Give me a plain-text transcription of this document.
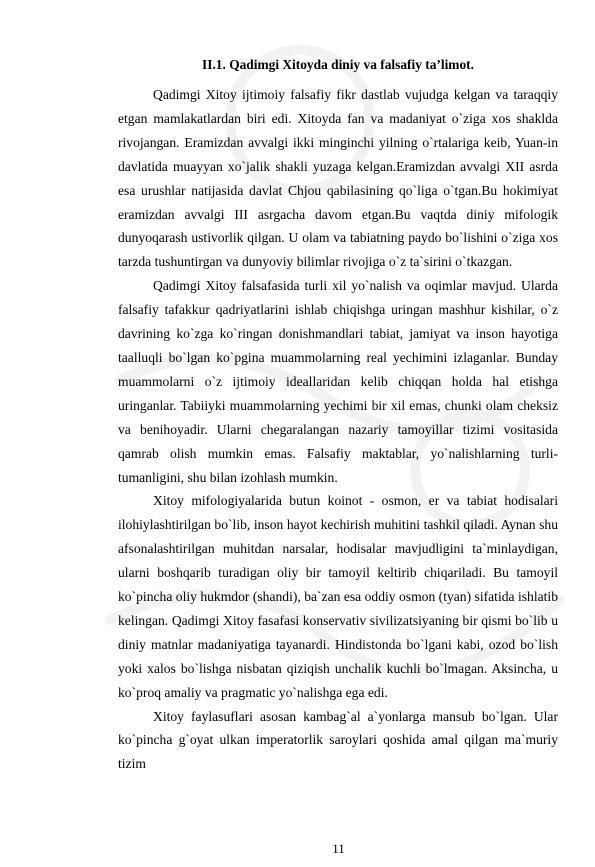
II.1. Qadimgi Xitoyda diniy va falsafiy ta’limot.

Qadimgi Xitoy ijtimoiy falsafiy fikr dastlab vujudga kelgan va taraqqiy etgan mamlakatlardan biri edi. Xitoyda fan va madaniyat o`ziga xos shaklda rivojangan. Eramizdan avvalgi ikki minginchi yilning o`rtalariga keib, Yuan-in davlatida muayyan xo`jalik shakli yuzaga kelgan.Eramizdan avvalgi XII asrda esa urushlar natijasida davlat Chjou qabilasining qo`liga o`tgan.Bu hokimiyat eramizdan avvalgi III asrgacha davom etgan.Bu vaqtda diniy mifologik dunyoqarash ustivorlik qilgan. U olam va tabiatning paydo bo`lishini o`ziga xos tarzda tushuntirgan va dunyoviy bilimlar rivojiga o`z ta`sirini o`tkazgan.

Qadimgi Xitoy falsafasida turli xil yo`nalish va oqimlar mavjud. Ularda falsafiy tafakkur qadriyatlarini ishlab chiqishga uringan mashhur kishilar, o`z davrining ko`zga ko`ringan donishmandlari tabiat, jamiyat va inson hayotiga taalluqli bo`lgan ko`pgina muammolarning real yechimini izlaganlar. Bunday muammolarni o`z ijtimoiy ideallaridan kelib chiqqan holda hal etishga uringanlar. Tabiiyki muammolarning yechimi bir xil emas, chunki olam cheksiz va benihoyadir. Ularni chegaralangan nazariy tamoyillar tizimi vositasida qamrab olish mumkin emas. Falsafiy maktablar, yo`nalishlarning turli-tumanligini, shu bilan izohlash mumkin.

Xitoy mifologiyalarida butun koinot - osmon, er va tabiat hodisalari ilohiylashtirilgan bo`lib, inson hayot kechirish muhitini tashkil qiladi. Aynan shu afsonalashtirilgan muhitdan narsalar, hodisalar mavjudligini ta`minlaydigan, ularni boshqarib turadigan oliy bir tamoyil keltirib chiqariladi. Bu tamoyil ko`pincha oliy hukmdor (shandi), ba`zan esa oddiy osmon (tyan) sifatida ishlatib kelingan. Qadimgi Xitoy fasafasi konservativ sivilizatsiyaning bir qismi bo`lib u diniy matnlar madaniyatiga tayanardi. Hindistonda bo`lgani kabi, ozod bo`lish yoki xalos bo`lishga nisbatan qiziqish unchalik kuchli bo`lmagan. Aksincha, u ko`proq amaliy va pragmatic yo`nalishga ega edi.

Xitoy faylasuflari asosan kambag`al a`yonlarga mansub bo`lgan. Ular ko`pincha g`oyat ulkan imperatorlik saroylari qoshida amal qilgan ma`muriy tizim

11
